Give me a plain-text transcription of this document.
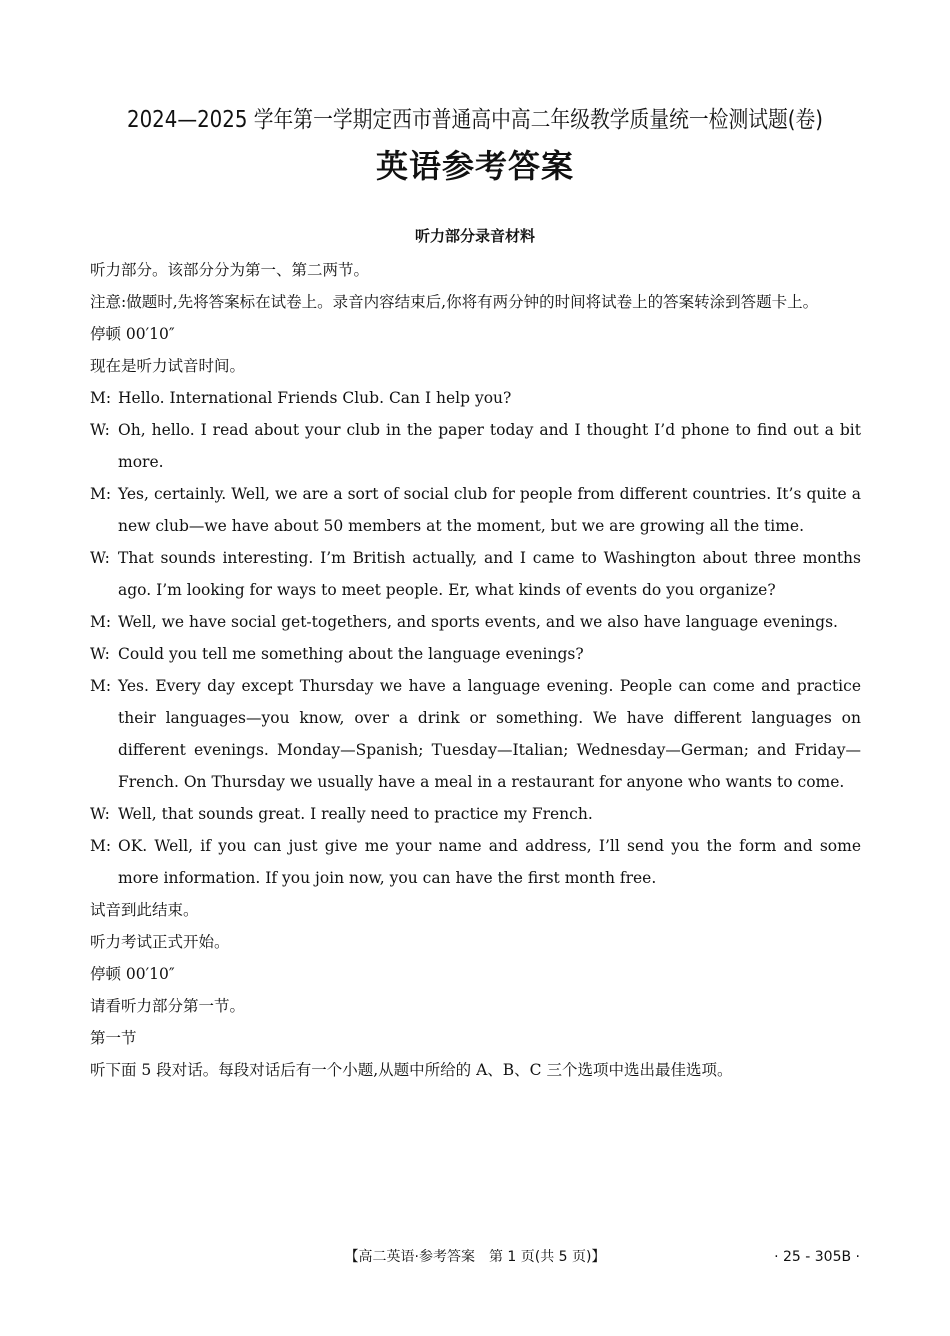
2024—2025 学年第一学期定西市普通高中高二年级教学质量统一检测试题(卷)
英语参考答案
听力部分录音材料

听力部分。该部分分为第一、第二两节。

注意:做题时,先将答案标在试卷上。录音内容结束后,你将有两分钟的时间将试卷上的答案转涂到答题卡上。

停顿 00′10″

现在是听力试音时间。

M: Hello. International Friends Club. Can I help you?

W: Oh, hello. I read about your club in the paper today and I thought I’d phone to find out a bit more.

M: Yes, certainly. Well, we are a sort of social club for people from different countries. It’s quite a new club—we have about 50 members at the moment, but we are growing all the time.

W: That sounds interesting. I’m British actually, and I came to Washington about three months ago. I’m looking for ways to meet people. Er, what kinds of events do you organize?

M: Well, we have social get-togethers, and sports events, and we also have language evenings.

W: Could you tell me something about the language evenings?

M: Yes. Every day except Thursday we have a language evening. People can come and practice their languages—you know, over a drink or something. We have different languages on different evenings. Monday—Spanish; Tuesday—Italian; Wednesday—German; and Friday—French. On Thursday we usually have a meal in a restaurant for anyone who wants to come.

W: Well, that sounds great. I really need to practice my French.

M: OK. Well, if you can just give me your name and address, I’ll send you the form and some more information. If you join now, you can have the first month free.

试音到此结束。

听力考试正式开始。

停顿 00′10″

请看听力部分第一节。

第一节

听下面 5 段对话。每段对话后有一个小题,从题中所给的 A、B、C 三个选项中选出最佳选项。

【高二英语·参考答案　第 1 页(共 5 页)】	· 25 - 305B ·
